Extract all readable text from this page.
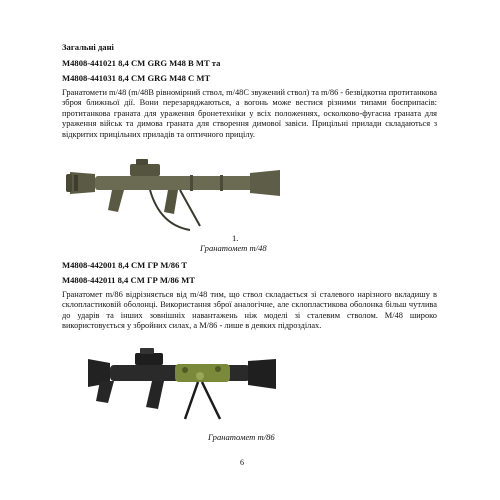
Загальні дані
M4808-441021 8,4 CM GRG M48 B MT та
M4808-441031 8,4 CM GRG M48 C MT
Гранатомети m/48 (m/48B рівномірний ствол, m/48C звужений ствол) та m/86 - безвідкотна протитанкова зброя ближньої дії. Вони перезаряджаються, а вогонь може вестися різними типами боєприпасів: протитанкова граната для ураження бронетехніки у всіх положеннях, осколково-фугасна граната для ураження військ та димова граната для створення димової завіси. Прицільні прилади складаються з відкритих прицільних приладів та оптичного прицілу.
1.
Гранатомет m/48
M4808-442001 8,4 CM ГР M/86 T
M4808-442011 8,4 CM ГР M/86 MT
Гранатомет m/86 відрізняється від m/48 тим, що ствол складається зі сталевого нарізного вкладишу в склопластиковій оболонці. Використання зброї аналогічне, але склопластикова оболонка більш чутлива до ударів та інших зовнішніх навантажень ніж моделі зі сталевим стволом. M/48 широко використовується у збройних силах, а M/86 - лише в деяких підрозділах.
Гранатомет m/86
6
